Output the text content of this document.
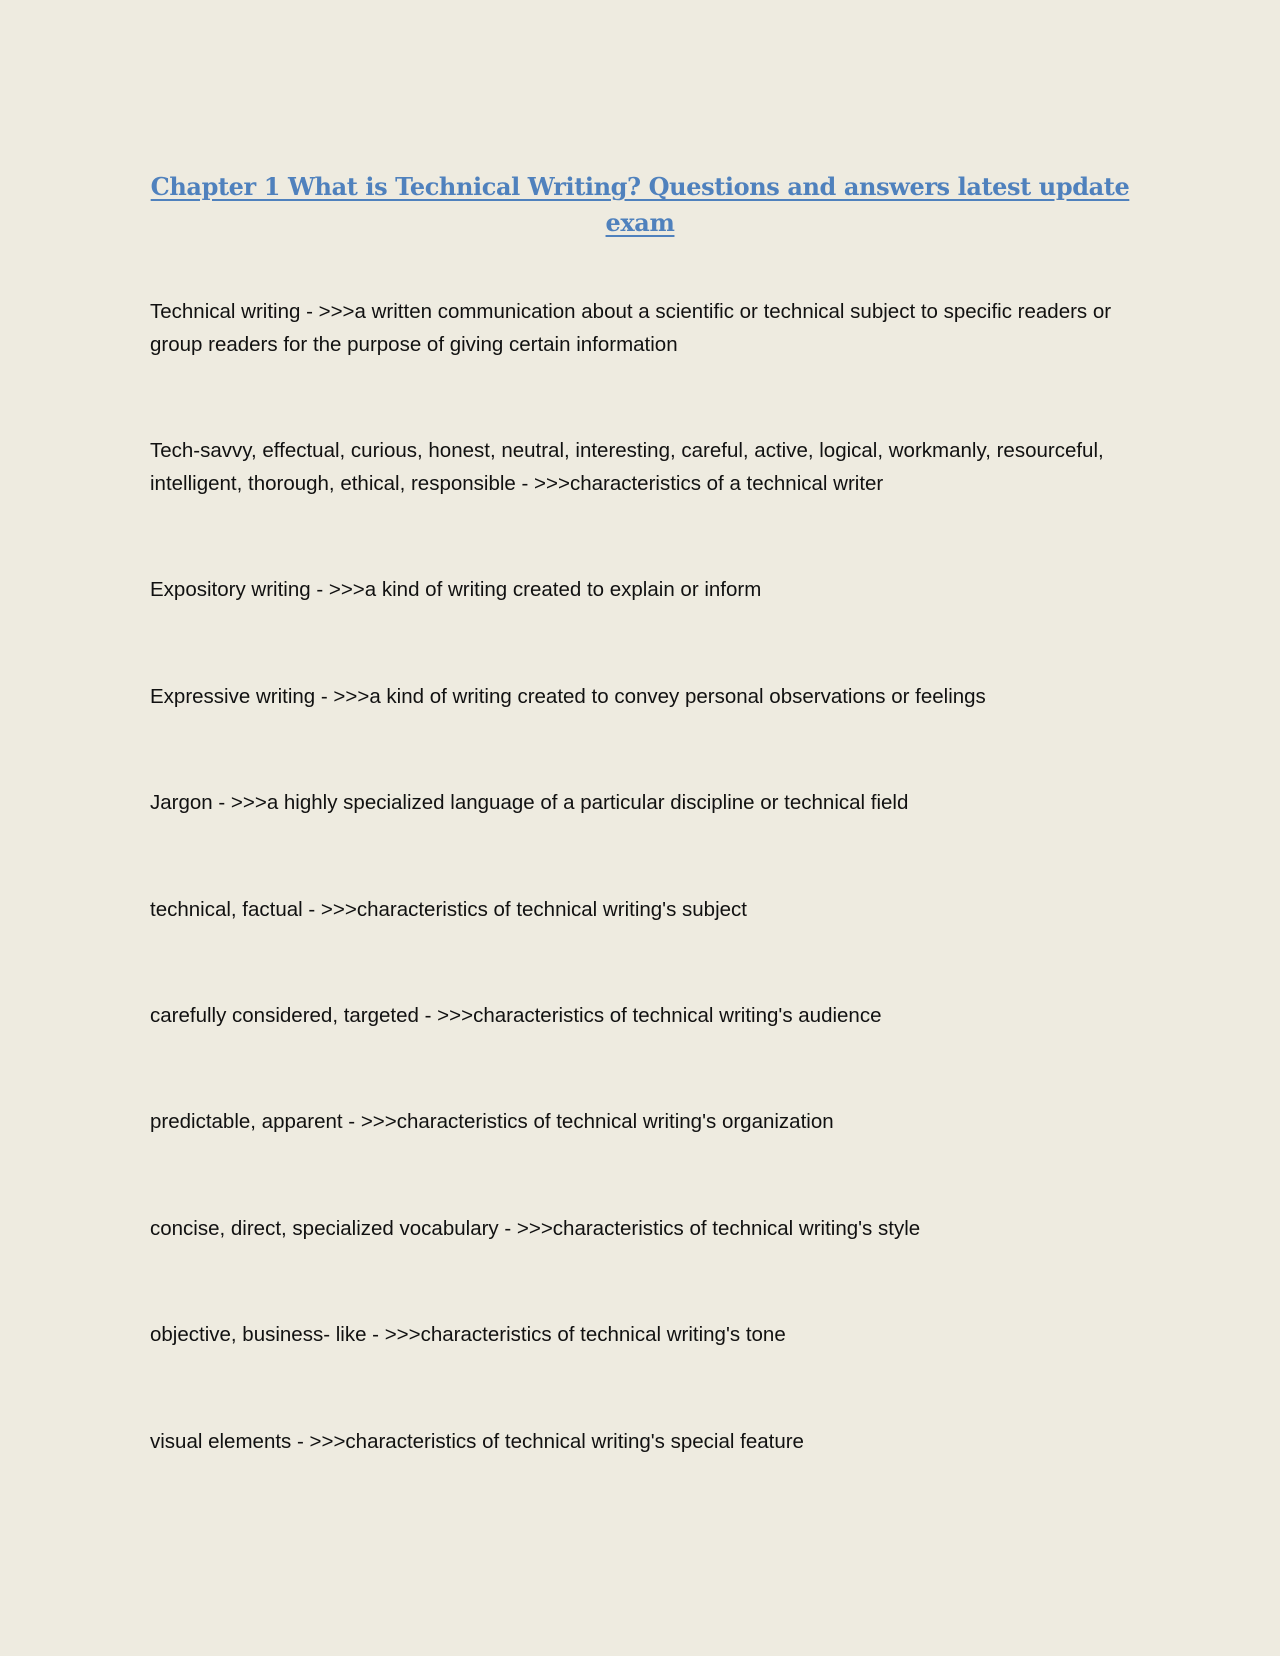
Chapter 1 What is Technical Writing? Questions and answers latest update exam

Technical writing - >>>a written communication about a scientific or technical subject to specific readers or group readers for the purpose of giving certain information

Tech-savvy, effectual, curious, honest, neutral, interesting, careful, active, logical, workmanly, resourceful, intelligent, thorough, ethical, responsible - >>>characteristics of a technical writer

Expository writing - >>>a kind of writing created to explain or inform

Expressive writing - >>>a kind of writing created to convey personal observations or feelings

Jargon - >>>a highly specialized language of a particular discipline or technical field

technical, factual - >>>characteristics of technical writing's subject

carefully considered, targeted - >>>characteristics of technical writing's audience

predictable, apparent - >>>characteristics of technical writing's organization

concise, direct, specialized vocabulary - >>>characteristics of technical writing's style

objective, business- like - >>>characteristics of technical writing's tone

visual elements - >>>characteristics of technical writing's special feature
